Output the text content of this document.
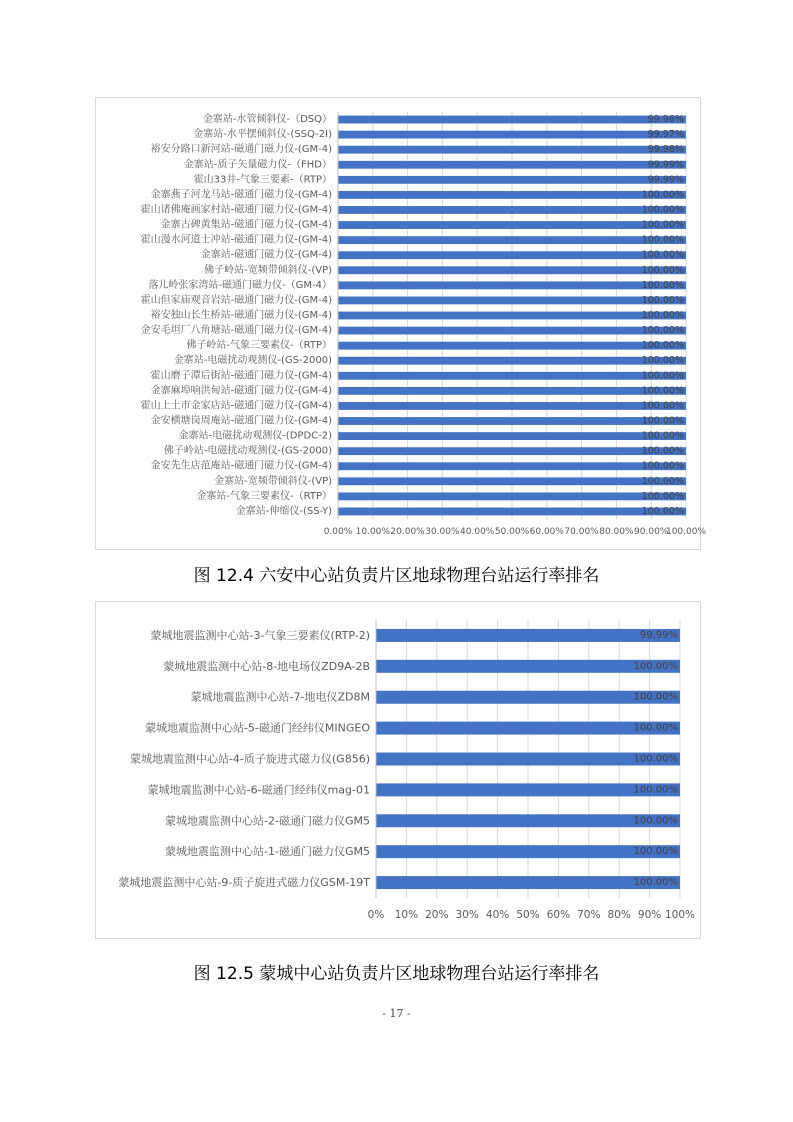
金寨站-水管倾斜仪-（DSQ）	99.96%
金寨站-水平摆倾斜仪-(SSQ-2I)	99.97%
裕安分路口新河站-磁通门磁力仪-(GM-4)	99.98%
金寨站-质子矢量磁力仪-（FHD）	99.99%
霍山33井-气象三要素-（RTP）	99.99%
金寨燕子河龙马站-磁通门磁力仪-(GM-4)	100.00%
霍山诸佛庵画家村站-磁通门磁力仪-(GM-4)	100.00%
金寨古碑黄集站-磁通门磁力仪-(GM-4)	100.00%
霍山漫水河道士冲站-磁通门磁力仪-(GM-4)	100.00%
金寨站-磁通门磁力仪-(GM-4)	100.00%
佛子岭站-宽频带倾斜仪-(VP)	100.00%
落儿岭张家湾站-磁通门磁力仪-（GM-4）	100.00%
霍山但家庙观音岩站-磁通门磁力仪-(GM-4)	100.00%
裕安独山长生桥站-磁通门磁力仪-(GM-4)	100.00%
金安毛坦厂八角塘站-磁通门磁力仪-(GM-4)	100.00%
佛子岭站-气象三要素仪-（RTP）	100.00%
金寨站-电磁扰动观测仪-(GS-2000)	100.00%
霍山磨子潭后街站-磁通门磁力仪-(GM-4)	100.00%
金寨麻埠响洪甸站-磁通门磁力仪-(GM-4)	100.00%
霍山上土市金家店站-磁通门磁力仪-(GM-4)	100.00%
金安横塘岗周庵站-磁通门磁力仪-(GM-4)	100.00%
金寨站-电磁扰动观测仪-(DPDC-2)	100.00%
佛子岭站-电磁扰动观测仪-(GS-2000)	100.00%
金安先生店范庵站-磁通门磁力仪-(GM-4)	100.00%
金寨站-宽频带倾斜仪-(VP)	100.00%
金寨站-气象三要素仪-（RTP）	100.00%
金寨站-伸缩仪-(SS-Y)	100.00%
0.00% 10.00% 20.00% 30.00% 40.00% 50.00% 60.00% 70.00% 80.00% 90.00%
100.00%
图 12.4 六安中心站负责片区地球物理台站运行率排名
蒙城地震监测中心站-3-气象三要素仪(RTP-2)	99.99%
蒙城地震监测中心站-8-地电场仪ZD9A-2B	100.00%
蒙城地震监测中心站-7-地电仪ZD8M	100.00%
蒙城地震监测中心站-5-磁通门经纬仪MINGEO	100.00%
蒙城地震监测中心站-4-质子旋进式磁力仪(G856)	100.00%
蒙城地震监测中心站-6-磁通门经纬仪mag-01	100.00%
蒙城地震监测中心站-2-磁通门磁力仪GM5	100.00%
蒙城地震监测中心站-1-磁通门磁力仪GM5	100.00%
蒙城地震监测中心站-9-质子旋进式磁力仪GSM-19T	100.00%
0% 10% 20% 30% 40% 50% 60% 70% 80% 90% 100%
图 12.5 蒙城中心站负责片区地球物理台站运行率排名
- 17 -
